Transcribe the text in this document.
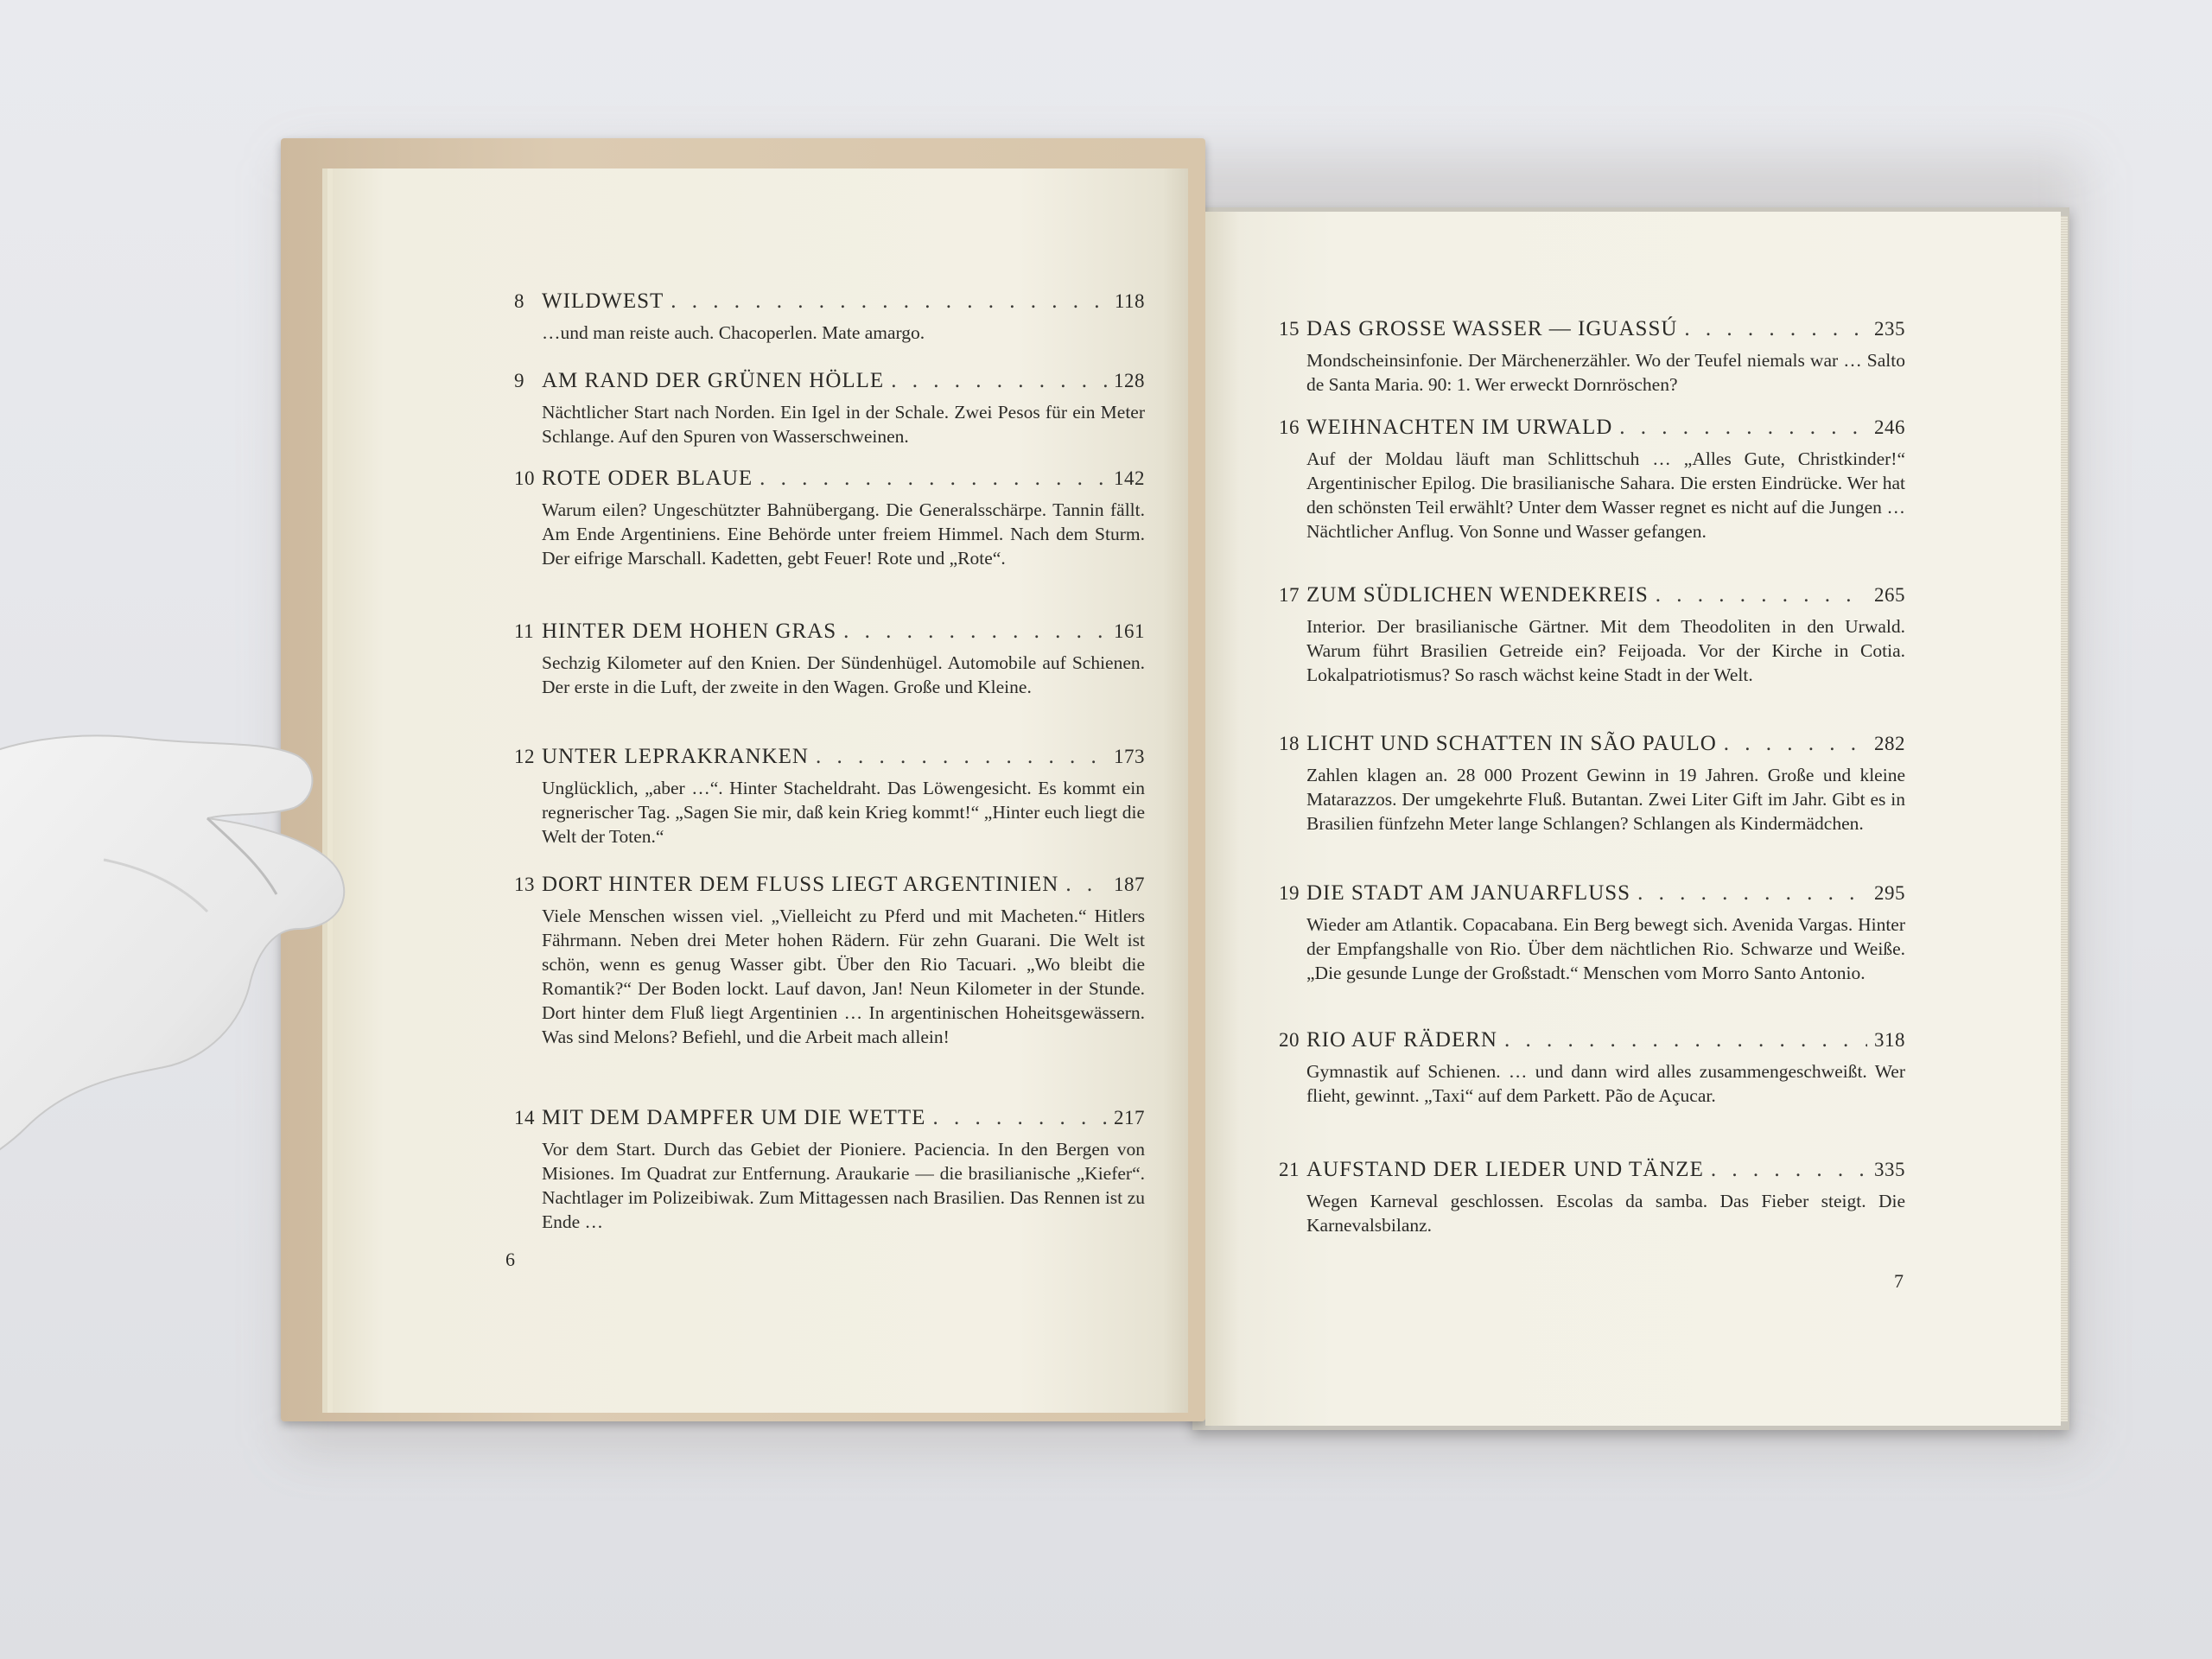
8 WILDWEST . . .	118
…und man reiste auch. Chacoperlen. Mate amargo.
9 AM RAND DER GRÜNEN HÖLLE . . .	128
Nächtlicher Start nach Norden. Ein Igel in der Schale. Zwei Pesos für ein Meter Schlange. Auf den Spuren von Wasserschweinen.
10 ROTE ODER BLAUE . . .	142
Warum eilen? Ungeschützter Bahnübergang. Die Generalsschärpe. Tannin fällt. Am Ende Argentiniens. Eine Behörde unter freiem Himmel. Nach dem Sturm. Der eifrige Marschall. Kadetten, gebt Feuer! Rote und „Rote“.
11 HINTER DEM HOHEN GRAS . . .	161
Sechzig Kilometer auf den Knien. Der Sündenhügel. Automobile auf Schienen. Der erste in die Luft, der zweite in den Wagen. Große und Kleine.
12 UNTER LEPRAKRANKEN . . .	173
Unglücklich, „aber …“. Hinter Stacheldraht. Das Löwengesicht. Es kommt ein regnerischer Tag. „Sagen Sie mir, daß kein Krieg kommt!“ „Hinter euch liegt die Welt der Toten.“
13 DORT HINTER DEM FLUSS LIEGT ARGENTINIEN . . .	187
Viele Menschen wissen viel. „Vielleicht zu Pferd und mit Macheten.“ Hitlers Fährmann. Neben drei Meter hohen Rädern. Für zehn Guarani. Die Welt ist schön, wenn es genug Wasser gibt. Über den Rio Tacuari. „Wo bleibt die Romantik?“ Der Boden lockt. Lauf davon, Jan! Neun Kilometer in der Stunde. Dort hinter dem Fluß liegt Argentinien … In argentinischen Hoheitsgewässern. Was sind Melons? Befiehl, und die Arbeit mach allein!
14 MIT DEM DAMPFER UM DIE WETTE . . .	217
Vor dem Start. Durch das Gebiet der Pioniere. Paciencia. In den Bergen von Misiones. Im Quadrat zur Entfernung. Araukarie — die brasilianische „Kiefer“. Nachtlager im Polizeibiwak. Zum Mittagessen nach Brasilien. Das Rennen ist zu Ende …
6
15 DAS GROSSE WASSER — IGUASSÚ . . .	235
Mondscheinsinfonie. Der Märchenerzähler. Wo der Teufel niemals war … Salto de Santa Maria. 90: 1. Wer erweckt Dornröschen?
16 WEIHNACHTEN IM URWALD . . .	246
Auf der Moldau läuft man Schlittschuh … „Alles Gute, Christkinder!“ Argentinischer Epilog. Die brasilianische Sahara. Die ersten Eindrücke. Wer hat den schönsten Teil erwählt? Unter dem Wasser regnet es nicht auf die Jungen … Nächtlicher Anflug. Von Sonne und Wasser gefangen.
17 ZUM SÜDLICHEN WENDEKREIS . . .	265
Interior. Der brasilianische Gärtner. Mit dem Theodoliten in den Urwald. Warum führt Brasilien Getreide ein? Feijoada. Vor der Kirche in Cotia. Lokalpatriotismus? So rasch wächst keine Stadt in der Welt.
18 LICHT UND SCHATTEN IN SÃO PAULO . . .	282
Zahlen klagen an. 28 000 Prozent Gewinn in 19 Jahren. Große und kleine Matarazzos. Der umgekehrte Fluß. Butantan. Zwei Liter Gift im Jahr. Gibt es in Brasilien fünfzehn Meter lange Schlangen? Schlangen als Kindermädchen.
19 DIE STADT AM JANUARFLUSS . . .	295
Wieder am Atlantik. Copacabana. Ein Berg bewegt sich. Avenida Vargas. Hinter der Empfangshalle von Rio. Über dem nächtlichen Rio. Schwarze und Weiße. „Die gesunde Lunge der Großstadt.“ Menschen vom Morro Santo Antonio.
20 RIO AUF RÄDERN . . .	318
Gymnastik auf Schienen. … und dann wird alles zusammengeschweißt. Wer flieht, gewinnt. „Taxi“ auf dem Parkett. Pão de Açucar.
21 AUFSTAND DER LIEDER UND TÄNZE . . .	335
Wegen Karneval geschlossen. Escolas da samba. Das Fieber steigt. Die Karnevalsbilanz.
7
